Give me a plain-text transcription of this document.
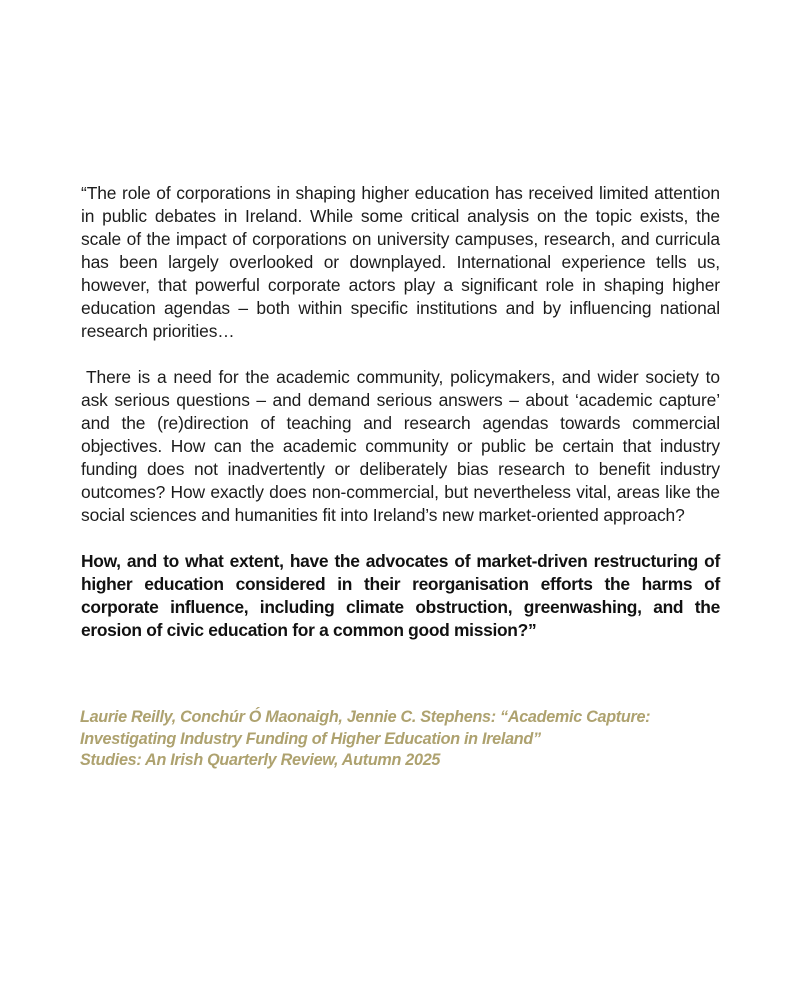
“The role of corporations in shaping higher education has received limited attention in public debates in Ireland. While some critical analysis on the topic exists, the scale of the impact of corporations on university campuses, research, and curricula has been largely overlooked or downplayed. International experience tells us, however, that powerful corporate actors play a significant role in shaping higher education agendas – both within specific institutions and by influencing national research priorities…

There is a need for the academic community, policymakers, and wider society to ask serious questions – and demand serious answers – about ‘academic capture’ and the (re)direction of teaching and research agendas towards commercial objectives. How can the academic community or public be certain that industry funding does not inadvertently or deliberately bias research to benefit industry outcomes? How exactly does non-commercial, but nevertheless vital, areas like the social sciences and humanities fit into Ireland’s new market-oriented approach?

How, and to what extent, have the advocates of market-driven restructuring of higher education considered in their reorganisation efforts the harms of corporate influence, including climate obstruction, greenwashing, and the erosion of civic education for a common good mission?”

Laurie Reilly, Conchúr Ó Maonaigh, Jennie C. Stephens: “Academic Capture:
Investigating Industry Funding of Higher Education in Ireland”
Studies: An Irish Quarterly Review, Autumn 2025
